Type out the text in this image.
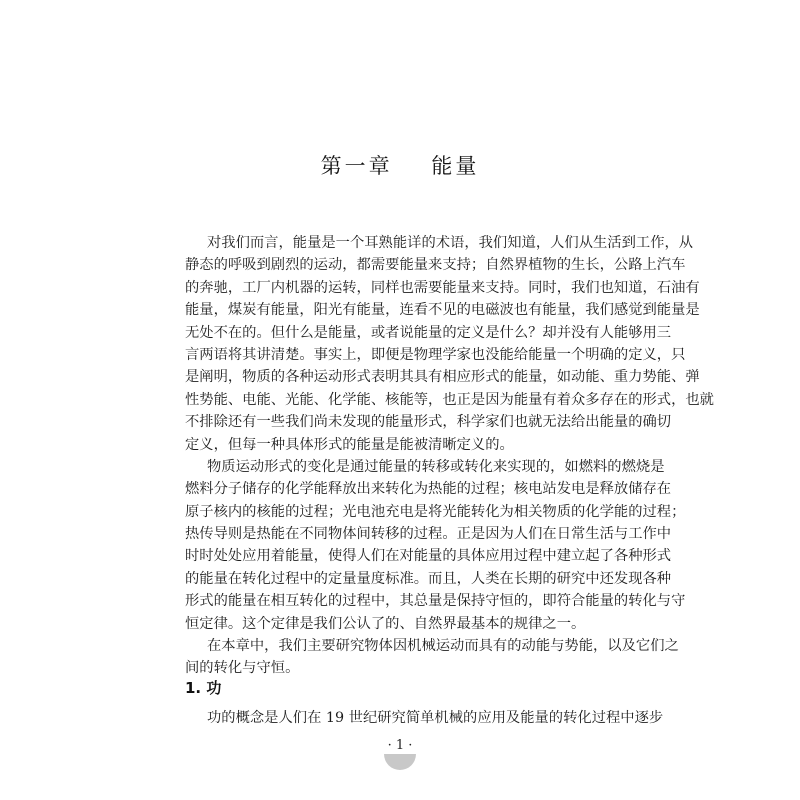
第一章    能量
对我们而言，能量是一个耳熟能详的术语，我们知道，人们从生活到工作，从
静态的呼吸到剧烈的运动，都需要能量来支持；自然界植物的生长，公路上汽车
的奔驰，工厂内机器的运转，同样也需要能量来支持。同时，我们也知道，石油有
能量，煤炭有能量，阳光有能量，连看不见的电磁波也有能量，我们感觉到能量是
无处不在的。但什么是能量，或者说能量的定义是什么？却并没有人能够用三
言两语将其讲清楚。事实上，即便是物理学家也没能给能量一个明确的定义，只
是阐明，物质的各种运动形式表明其具有相应形式的能量，如动能、重力势能、弹
性势能、电能、光能、化学能、核能等，也正是因为能量有着众多存在的形式，也就
不排除还有一些我们尚未发现的能量形式，科学家们也就无法给出能量的确切
定义，但每一种具体形式的能量是能被清晰定义的。
物质运动形式的变化是通过能量的转移或转化来实现的，如燃料的燃烧是
燃料分子储存的化学能释放出来转化为热能的过程；核电站发电是释放储存在
原子核内的核能的过程；光电池充电是将光能转化为相关物质的化学能的过程；
热传导则是热能在不同物体间转移的过程。正是因为人们在日常生活与工作中
时时处处应用着能量，使得人们在对能量的具体应用过程中建立起了各种形式
的能量在转化过程中的定量量度标准。而且，人类在长期的研究中还发现各种
形式的能量在相互转化的过程中，其总量是保持守恒的，即符合能量的转化与守
恒定律。这个定律是我们公认了的、自然界最基本的规律之一。
在本章中，我们主要研究物体因机械运动而具有的动能与势能，以及它们之
间的转化与守恒。
1. 功
功的概念是人们在 19 世纪研究简单机械的应用及能量的转化过程中逐步
· 1 ·
